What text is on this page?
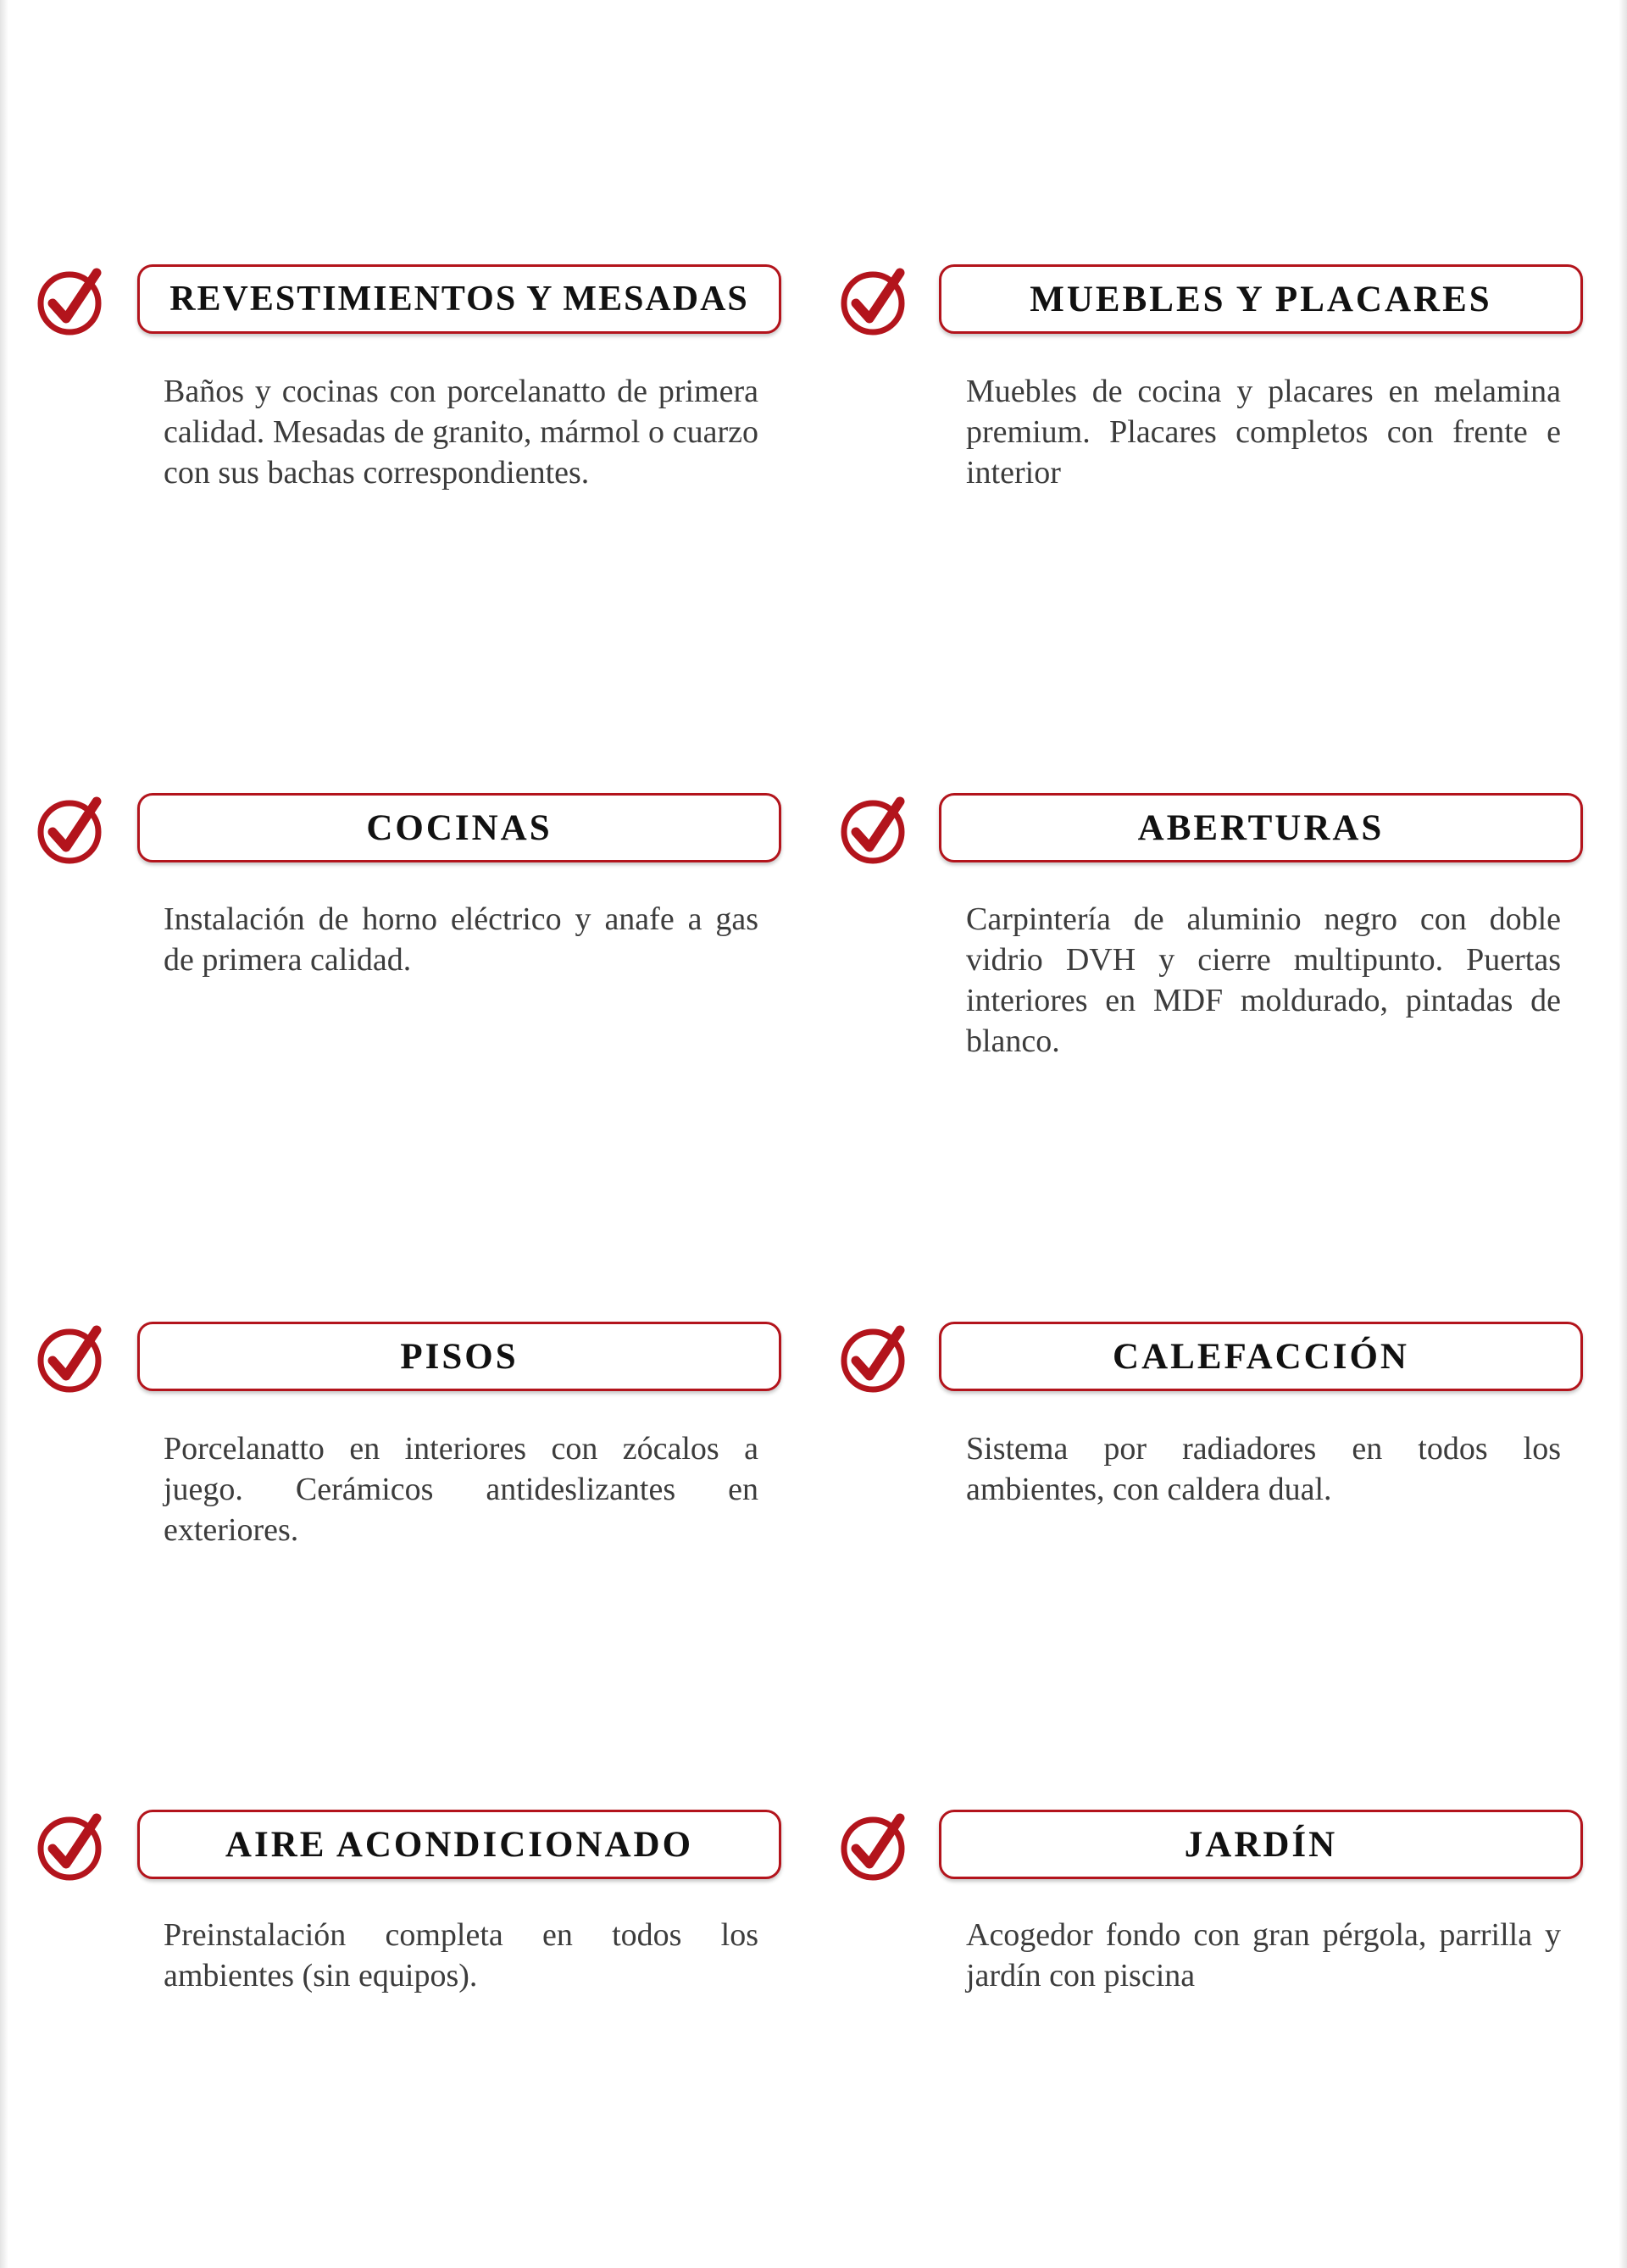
REVESTIMIENTOS Y MESADAS
Baños y cocinas con porcelanatto de primera calidad. Mesadas de granito, mármol o cuarzo con sus bachas correspondientes.
MUEBLES Y PLACARES
Muebles de cocina y placares en melamina premium. Placares completos con frente e interior
COCINAS
Instalación de horno eléctrico y anafe a gas de primera calidad.
ABERTURAS
Carpintería de aluminio negro con doble vidrio DVH y cierre multipunto. Puertas interiores en MDF moldurado, pintadas de blanco.
PISOS
Porcelanatto en interiores con zócalos a juego. Cerámicos antideslizantes en exteriores.
CALEFACCIÓN
Sistema por radiadores en todos los ambientes, con caldera dual.
AIRE ACONDICIONADO
Preinstalación completa en todos los ambientes (sin equipos).
JARDÍN
Acogedor fondo con gran pérgola, parrilla y jardín con piscina
